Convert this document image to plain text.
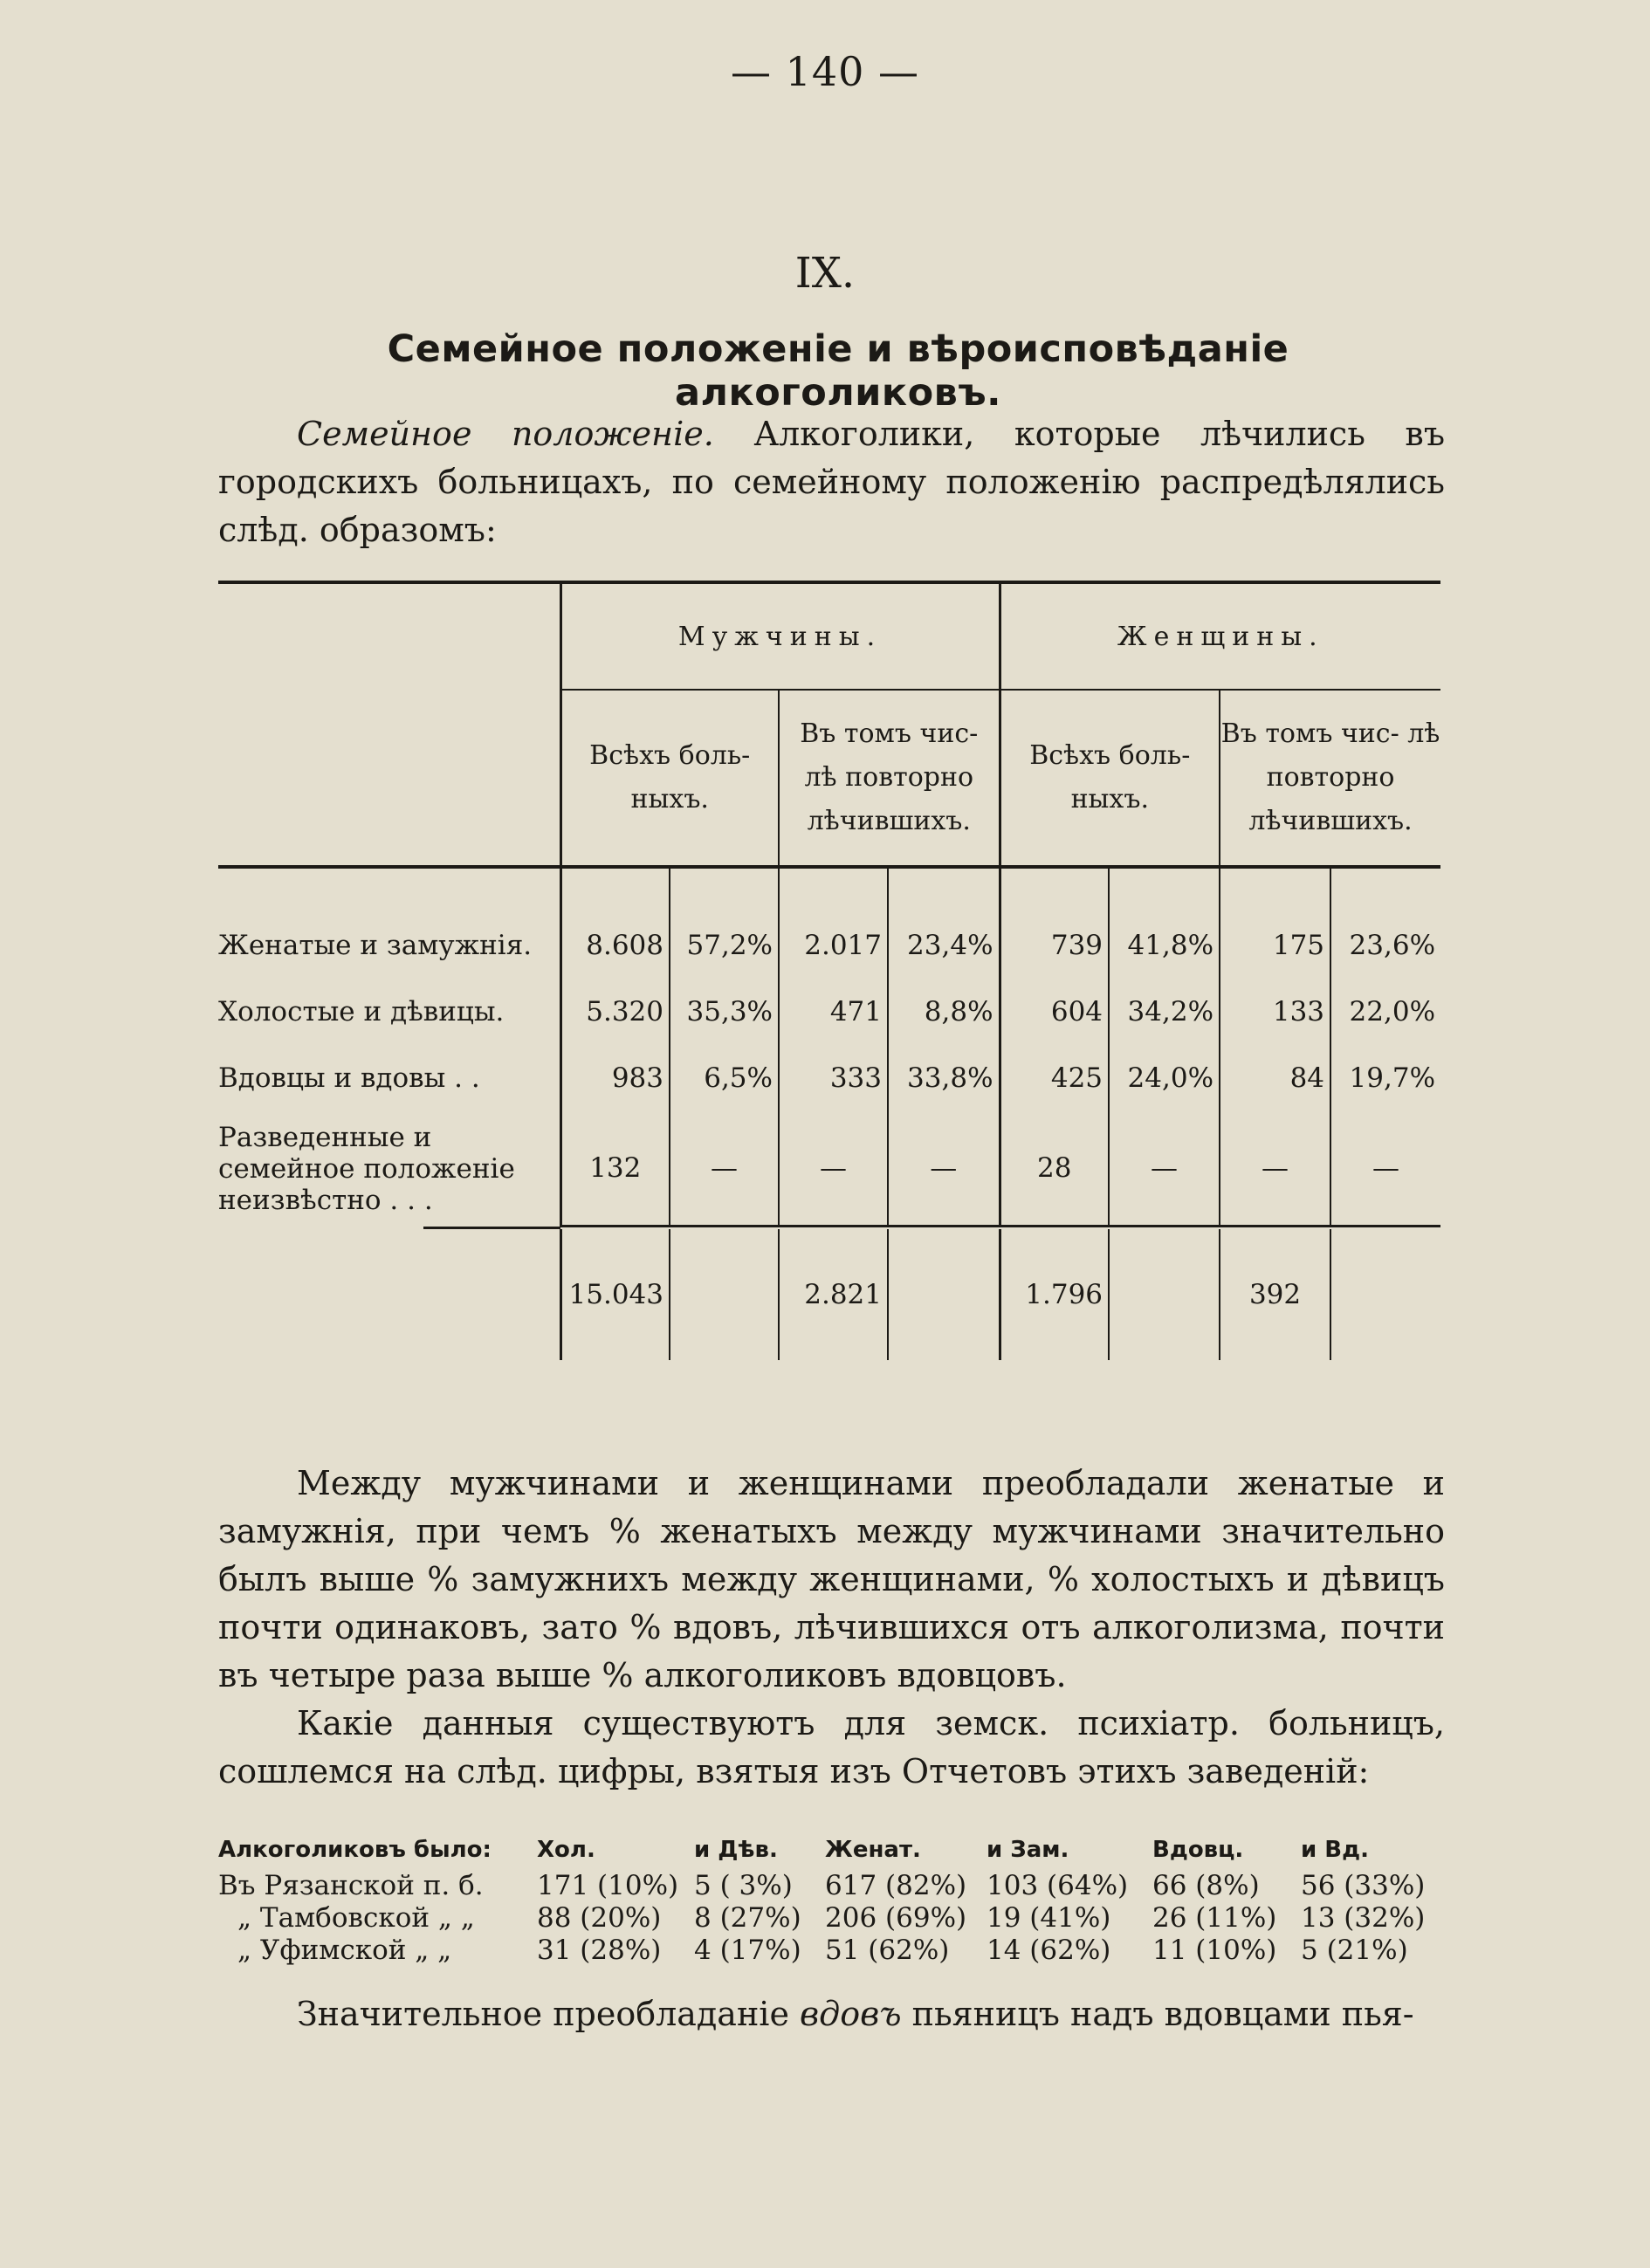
— 140 —
IX.
Семейное положенiе и вѣроисповѣданiе алкоголиковъ.
Семейное положенiе. Алкоголики, которые лѣчились въ городскихъ больницахъ, по семейному положенiю распредѣлялись слѣд. образомъ:
	Мужчины.				Женщины.			
	Всѣхъ боль- ныхъ.		Въ томъ чис- лѣ повторно лѣчившихъ.		Всѣхъ боль- ныхъ.		Въ томъ чис- лѣ повторно лѣчившихъ.	

Женатые и замужнiя.	8.608	57,2%	2.017	23,4%	739	41,8%	175	23,6%
Холостые и дѣвицы.	5.320	35,3%	471	8,8%	604	34,2%	133	22,0%
Вдовцы и вдовы . .	983	6,5%	333	33,8%	425	24,0%	84	19,7%
Разведенные и семейное положенiе неизвѣстно . . .	132	—	—	—	28	—	—	—

	15.043		2.821		1.796		392	
Между мужчинами и женщинами преобладали женатые и замужнiя, при чемъ % женатыхъ между мужчинами значительно былъ выше % замужнихъ между женщинами, % холостыхъ и дѣвицъ почти одинаковъ, зато % вдовъ, лѣчившихся отъ алкоголизма, почти въ четыре раза выше % алкоголиковъ вдовцовъ.
Какiе данныя существуютъ для земск. психiатр. больницъ, сошлемся на слѣд. цифры, взятыя изъ Отчетовъ этихъ заведенiй:
Алкоголиковъ было:	Хол.	и Дѣв.	Женат.	и Зам.	Вдовц.	и Вд.
Въ Рязанской п. б.	171 (10%)	5 ( 3%)	617 (82%)	103 (64%)	66 (8%)	56 (33%)
„ Тамбовской „ „	88 (20%)	8 (27%)	206 (69%)	19 (41%)	26 (11%)	13 (32%)
„ Уфимской „ „	31 (28%)	4 (17%)	51 (62%)	14 (62%)	11 (10%)	5 (21%)
Значительное преобладанiе вдовъ пьяницъ надъ вдовцами пья-
